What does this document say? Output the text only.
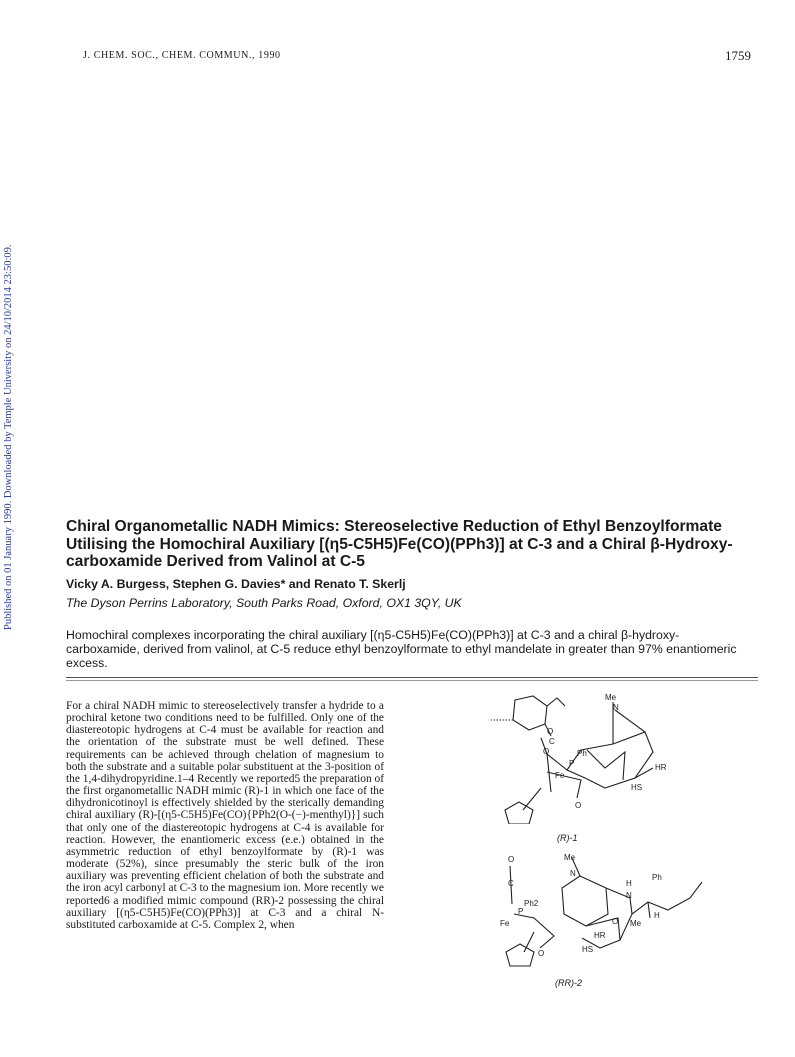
J. CHEM. SOC., CHEM. COMMUN., 1990	1759
Published on 01 January 1990. Downloaded by Temple University on 24/10/2014 23:50:09.	Chiral Organometallic NADH Mimics: Stereoselective Reduction of Ethyl Benzoylformate Utilising the Homochiral Auxiliary [(η5-C5H5)Fe(CO)(PPh3)] at C-3 and a Chiral β-Hydroxy-carboxamide Derived from Valinol at C-5
Vicky A. Burgess, Stephen G. Davies* and Renato T. Skerlj
The Dyson Perrins Laboratory, South Parks Road, Oxford, OX1 3QY, UK
Homochiral complexes incorporating the chiral auxiliary [(η5-C5H5)Fe(CO)(PPh3)] at C-3 and a chiral β-hydroxy-carboxamide, derived from valinol, at C-5 reduce ethyl benzoylformate to ethyl mandelate in greater than 97% enantiomeric excess.
For a chiral NADH mimic to stereoselectively transfer a hydride to a prochiral ketone two conditions need to be fulfilled. Only one of the diastereotopic hydrogens at C-4 must be available for reaction and the orientation of the substrate must be well defined. These requirements can be achieved through chelation of magnesium to both the substrate and a suitable polar substituent at the 3-position of the 1,4-dihydropyridine.1–4 Recently we reported5 the preparation of the first organometallic NADH mimic (R)-1 in which one face of the dihydronicotinoyl is effectively shielded by the sterically demanding chiral auxiliary (R)-[(η5-C5H5)Fe(CO){PPh2(O-(−)-menthyl)}] such that only one of the diastereotopic hydrogens at C-4 is available for reaction. However, the enantiomeric excess (e.e.) obtained in the asymmetric reduction of ethyl benzoylformate by (R)-1 was moderate (52%), since presumably the steric bulk of the iron auxiliary was preventing efficient chelation of both the substrate and the iron acyl carbonyl at C-3 to the magnesium ion. More recently we reported6 a modified mimic compound (RR)-2 possessing the chiral auxiliary [(η5-C5H5)Fe(CO)(PPh3)] at C-3 and a chiral N-substituted carboxamide at C-5. Complex 2, when
Me
N
O
C
O	Ph
P
Fe
HR
HS
O
(R)-1
Me
N
O
C
Ph2
P
Fe
O
HR
HS
H
N
Ph
Me
H
O
(RR)-2
